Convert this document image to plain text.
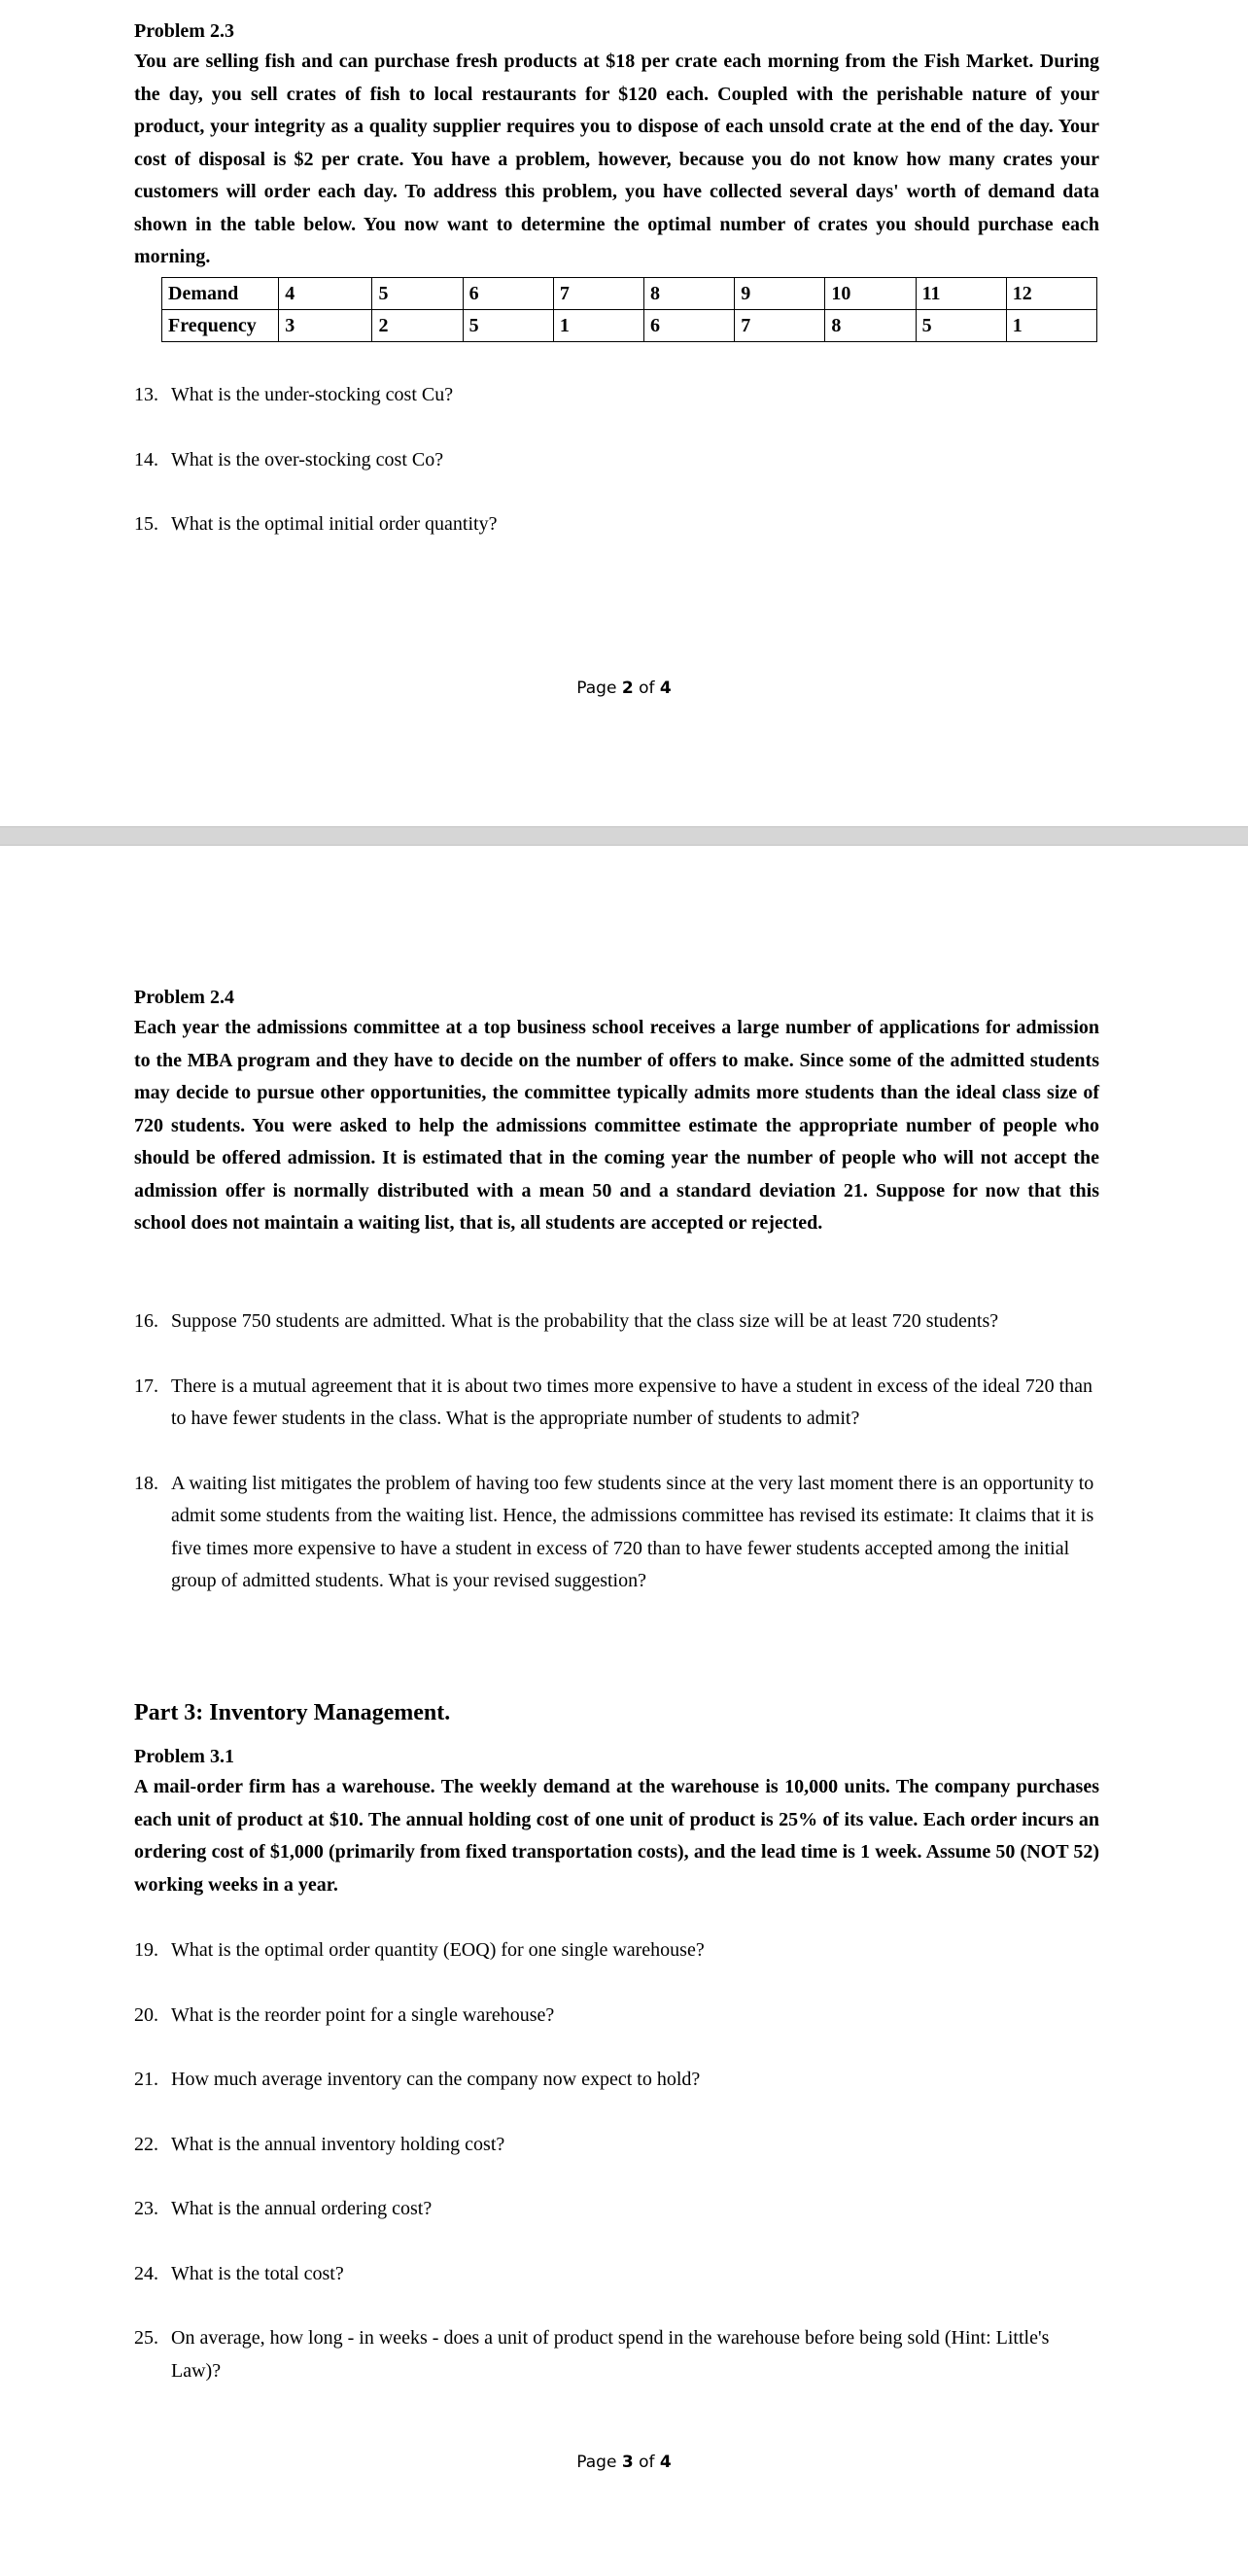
Problem 2.3
You are selling fish and can purchase fresh products at $18 per crate each morning from the Fish Market. During the day, you sell crates of fish to local restaurants for $120 each. Coupled with the perishable nature of your product, your integrity as a quality supplier requires you to dispose of each unsold crate at the end of the day. Your cost of disposal is $2 per crate. You have a problem, however, because you do not know how many crates your customers will order each day. To address this problem, you have collected several days' worth of demand data shown in the table below. You now want to determine the optimal number of crates you should purchase each morning.
Demand	4	5	6	7	8	9	10	11	12
Frequency	3	2	5	1	6	7	8	5	1
13. What is the under-stocking cost Cu?
14. What is the over-stocking cost Co?
15. What is the optimal initial order quantity?
Page 2 of 4
Problem 2.4
Each year the admissions committee at a top business school receives a large number of applications for admission to the MBA program and they have to decide on the number of offers to make. Since some of the admitted students may decide to pursue other opportunities, the committee typically admits more students than the ideal class size of 720 students. You were asked to help the admissions committee estimate the appropriate number of people who should be offered admission. It is estimated that in the coming year the number of people who will not accept the admission offer is normally distributed with a mean 50 and a standard deviation 21. Suppose for now that this school does not maintain a waiting list, that is, all students are accepted or rejected.
16. Suppose 750 students are admitted. What is the probability that the class size will be at least 720 students?
17. There is a mutual agreement that it is about two times more expensive to have a student in excess of the ideal 720 than to have fewer students in the class. What is the appropriate number of students to admit?
18. A waiting list mitigates the problem of having too few students since at the very last moment there is an opportunity to admit some students from the waiting list. Hence, the admissions committee has revised its estimate: It claims that it is five times more expensive to have a student in excess of 720 than to have fewer students accepted among the initial group of admitted students. What is your revised suggestion?
Part 3: Inventory Management.
Problem 3.1
A mail-order firm has a warehouse. The weekly demand at the warehouse is 10,000 units. The company purchases each unit of product at $10. The annual holding cost of one unit of product is 25% of its value. Each order incurs an ordering cost of $1,000 (primarily from fixed transportation costs), and the lead time is 1 week. Assume 50 (NOT 52) working weeks in a year.
19. What is the optimal order quantity (EOQ) for one single warehouse?
20. What is the reorder point for a single warehouse?
21. How much average inventory can the company now expect to hold?
22. What is the annual inventory holding cost?
23. What is the annual ordering cost?
24. What is the total cost?
25. On average, how long - in weeks - does a unit of product spend in the warehouse before being sold (Hint: Little's Law)?
Page 3 of 4
